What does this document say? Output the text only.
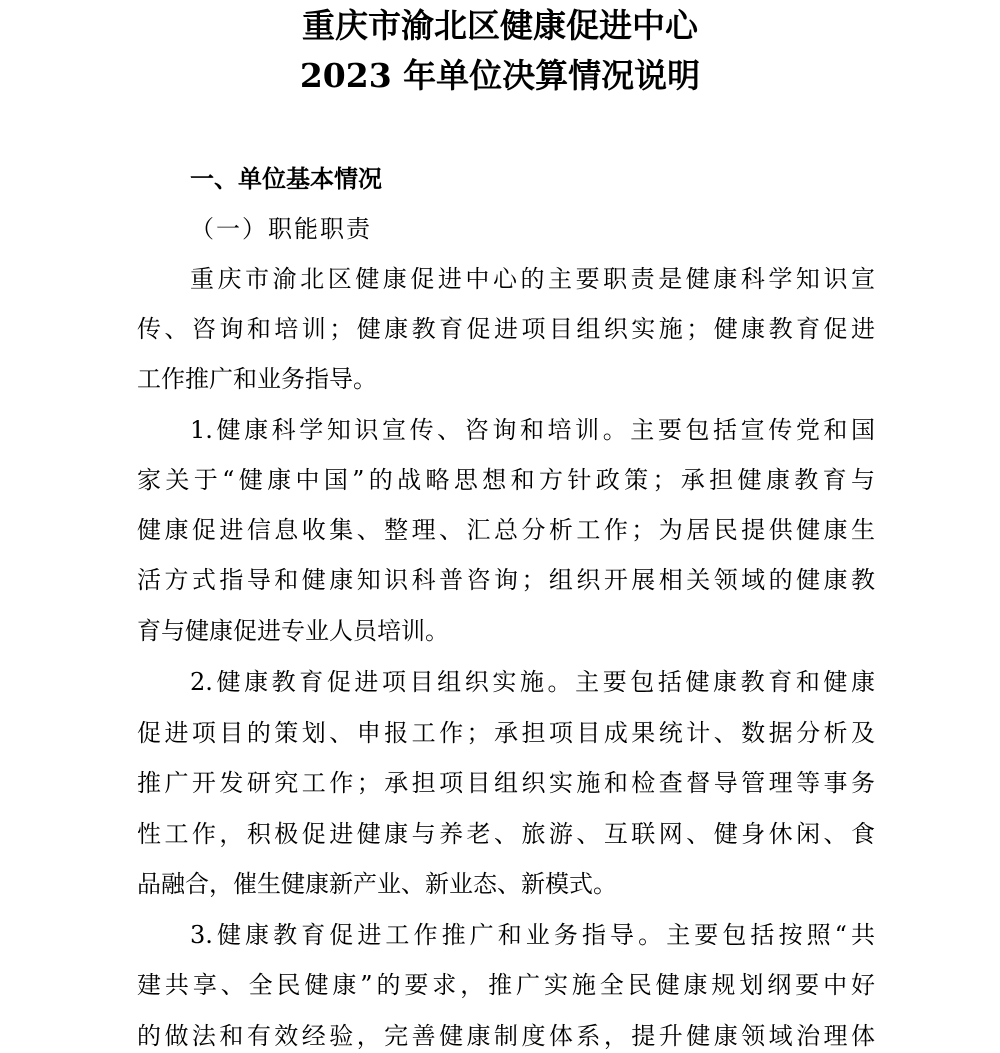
重庆市渝北区健康促进中心
2023 年单位决算情况说明
一、单位基本情况
（一）职能职责
重庆市渝北区健康促进中心的主要职责是健康科学知识宣
传、咨询和培训；健康教育促进项目组织实施；健康教育促进
工作推广和业务指导。
1.健康科学知识宣传、咨询和培训。主要包括宣传党和国
家关于“健康中国”的战略思想和方针政策；承担健康教育与
健康促进信息收集、整理、汇总分析工作；为居民提供健康生
活方式指导和健康知识科普咨询；组织开展相关领域的健康教
育与健康促进专业人员培训。
2.健康教育促进项目组织实施。主要包括健康教育和健康
促进项目的策划、申报工作；承担项目成果统计、数据分析及
推广开发研究工作；承担项目组织实施和检查督导管理等事务
性工作，积极促进健康与养老、旅游、互联网、健身休闲、食
品融合，催生健康新产业、新业态、新模式。
3.健康教育促进工作推广和业务指导。主要包括按照“共
建共享、全民健康”的要求，推广实施全民健康规划纲要中好
的做法和有效经验，完善健康制度体系，提升健康领域治理体
